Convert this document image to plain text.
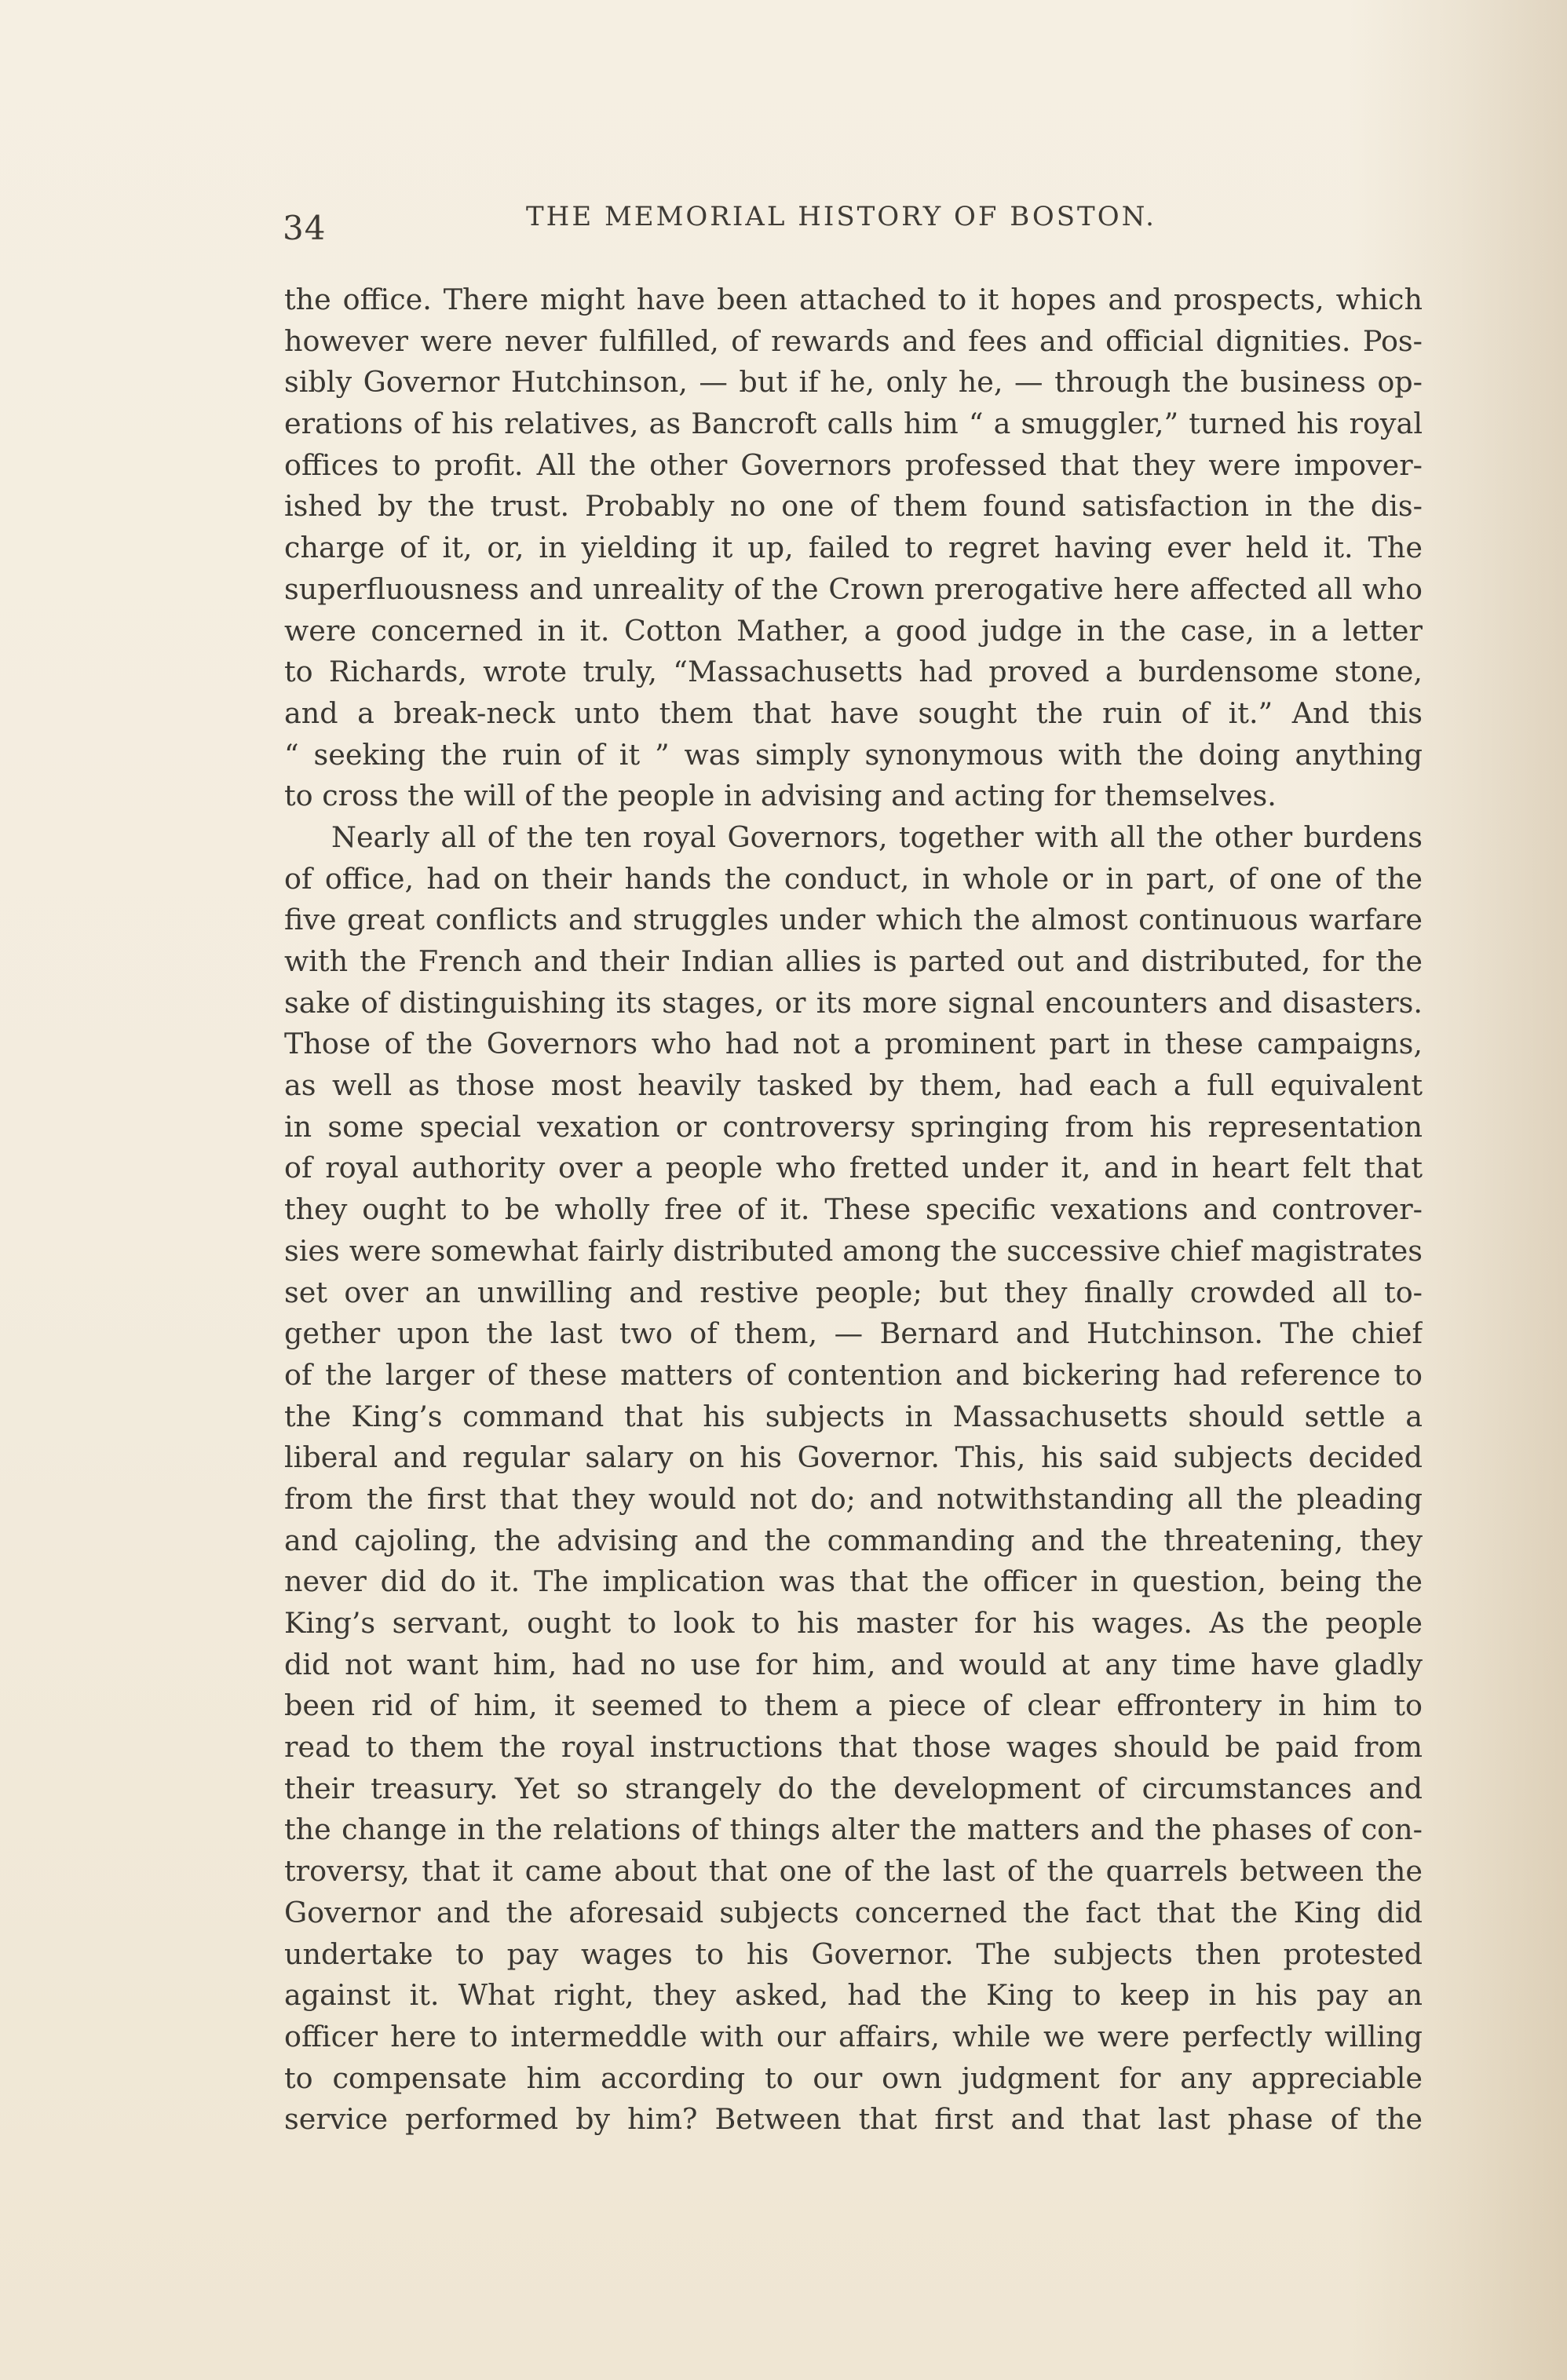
34	THE MEMORIAL HISTORY OF BOSTON.
the office. There might have been attached to it hopes and prospects, which
however were never fulfilled, of rewards and fees and official dignities. Pos-
sibly Governor Hutchinson, — but if he, only he, — through the business op-
erations of his relatives, as Bancroft calls him “ a smuggler,” turned his royal
offices to profit. All the other Governors professed that they were impover-
ished by the trust. Probably no one of them found satisfaction in the dis-
charge of it, or, in yielding it up, failed to regret having ever held it. The
superfluousness and unreality of the Crown prerogative here affected all who
were concerned in it. Cotton Mather, a good judge in the case, in a letter
to Richards, wrote truly, “Massachusetts had proved a burdensome stone,
and a break-neck unto them that have sought the ruin of it.” And this
“ seeking the ruin of it ” was simply synonymous with the doing anything
to cross the will of the people in advising and acting for themselves.
Nearly all of the ten royal Governors, together with all the other burdens
of office, had on their hands the conduct, in whole or in part, of one of the
five great conflicts and struggles under which the almost continuous warfare
with the French and their Indian allies is parted out and distributed, for the
sake of distinguishing its stages, or its more signal encounters and disasters.
Those of the Governors who had not a prominent part in these campaigns,
as well as those most heavily tasked by them, had each a full equivalent
in some special vexation or controversy springing from his representation
of royal authority over a people who fretted under it, and in heart felt that
they ought to be wholly free of it. These specific vexations and controver-
sies were somewhat fairly distributed among the successive chief magistrates
set over an unwilling and restive people; but they finally crowded all to-
gether upon the last two of them, — Bernard and Hutchinson. The chief
of the larger of these matters of contention and bickering had reference to
the King’s command that his subjects in Massachusetts should settle a
liberal and regular salary on his Governor. This, his said subjects decided
from the first that they would not do; and notwithstanding all the pleading
and cajoling, the advising and the commanding and the threatening, they
never did do it. The implication was that the officer in question, being the
King’s servant, ought to look to his master for his wages. As the people
did not want him, had no use for him, and would at any time have gladly
been rid of him, it seemed to them a piece of clear effrontery in him to
read to them the royal instructions that those wages should be paid from
their treasury. Yet so strangely do the development of circumstances and
the change in the relations of things alter the matters and the phases of con-
troversy, that it came about that one of the last of the quarrels between the
Governor and the aforesaid subjects concerned the fact that the King did
undertake to pay wages to his Governor. The subjects then protested
against it. What right, they asked, had the King to keep in his pay an
officer here to intermeddle with our affairs, while we were perfectly willing
to compensate him according to our own judgment for any appreciable
service performed by him? Between that first and that last phase of the
